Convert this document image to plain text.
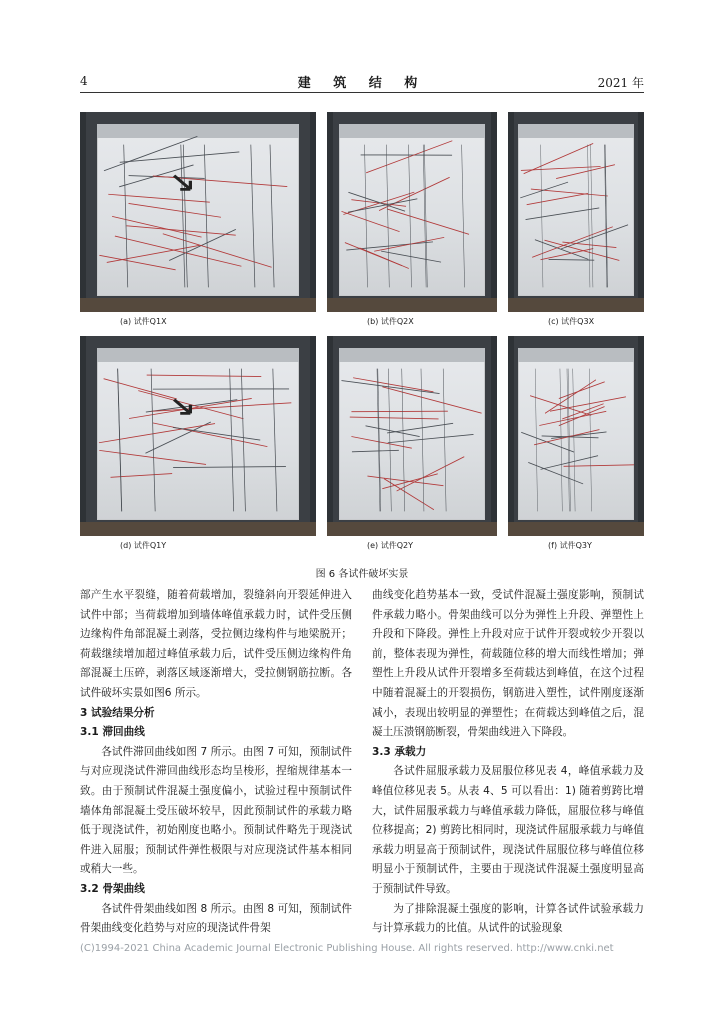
4	建 筑 结 构	2021 年
(a) 试件Q1X	(b) 试件Q2X	(c) 试件Q3X
(d) 试件Q1Y	(e) 试件Q2Y	(f) 试件Q3Y
图 6 各试件破坏实景

部产生水平裂缝，随着荷载增加，裂缝斜向开裂延伸进入试件中部；当荷载增加到墙体峰值承载力时，试件受压侧边缘构件角部混凝土剥落，受拉侧边缘构件与地梁脱开；荷载继续增加超过峰值承载力后，试件受压侧边缘构件角部混凝土压碎，剥落区域逐渐增大，受拉侧钢筋拉断。各试件破坏实景如图6 所示。

3 试验结果分析
3.1 滞回曲线

各试件滞回曲线如图 7 所示。由图 7 可知，预制试件与对应现浇试件滞回曲线形态均呈梭形，捏缩规律基本一致。由于预制试件混凝土强度偏小，试验过程中预制试件墙体角部混凝土受压破坏较早，因此预制试件的承载力略低于现浇试件，初始刚度也略小。预制试件略先于现浇试件进入屈服；预制试件弹性极限与对应现浇试件基本相同或稍大一些。

3.2 骨架曲线

各试件骨架曲线如图 8 所示。由图 8 可知，预制试件骨架曲线变化趋势与对应的现浇试件骨架

曲线变化趋势基本一致，受试件混凝土强度影响，预制试件承载力略小。骨架曲线可以分为弹性上升段、弹塑性上升段和下降段。弹性上升段对应于试件开裂或较少开裂以前，整体表现为弹性，荷载随位移的增大而线性增加；弹塑性上升段从试件开裂增多至荷载达到峰值，在这个过程中随着混凝土的开裂损伤，钢筋进入塑性，试件刚度逐渐减小，表现出较明显的弹塑性；在荷载达到峰值之后，混凝土压溃钢筋断裂，骨架曲线进入下降段。

3.3 承载力

各试件屈服承载力及屈服位移见表 4，峰值承载力及峰值位移见表 5。从表 4、5 可以看出：1) 随着剪跨比增大，试件屈服承载力与峰值承载力降低，屈服位移与峰值位移提高；2) 剪跨比相同时，现浇试件屈服承载力与峰值承载力明显高于预制试件，现浇试件屈服位移与峰值位移明显小于预制试件，主要由于现浇试件混凝土强度明显高于预制试件导致。

为了排除混凝土强度的影响，计算各试件试验承载力与计算承载力的比值。从试件的试验现象

(C)1994-2021 China Academic Journal Electronic Publishing House. All rights reserved. http://www.cnki.net
